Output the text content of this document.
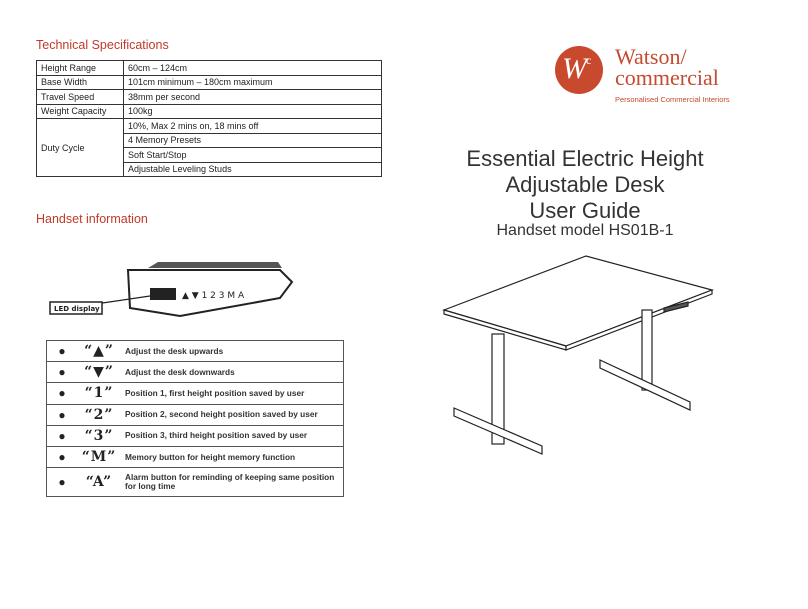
Technical Specifications
Height Range	60cm – 124cm
Base Width	101cm minimum – 180cm maximum
Travel Speed	38mm per second
Weight Capacity	100kg
Duty Cycle	10%, Max 2 mins on, 18 mins off
	4 Memory Presets
	Soft Start/Stop
	Adjustable Leveling Studs
Handset information
▲ ▼ 1 2 3 M A
LED display
●	“▲”	Adjust the desk upwards
●	“▼”	Adjust the desk downwards
●	“1”	Position 1, first height position saved by user
●	“2”	Position 2, second height position saved by user
●	“3”	Position 3, third height position saved by user
●	“M”	Memory button for height memory function
●	“A”	Alarm button for reminding of keeping same position for long time
W c Watson/
commercial
Personalised Commercial Interiors
Essential Electric Height
Adjustable Desk
User Guide
Handset model HS01B-1
